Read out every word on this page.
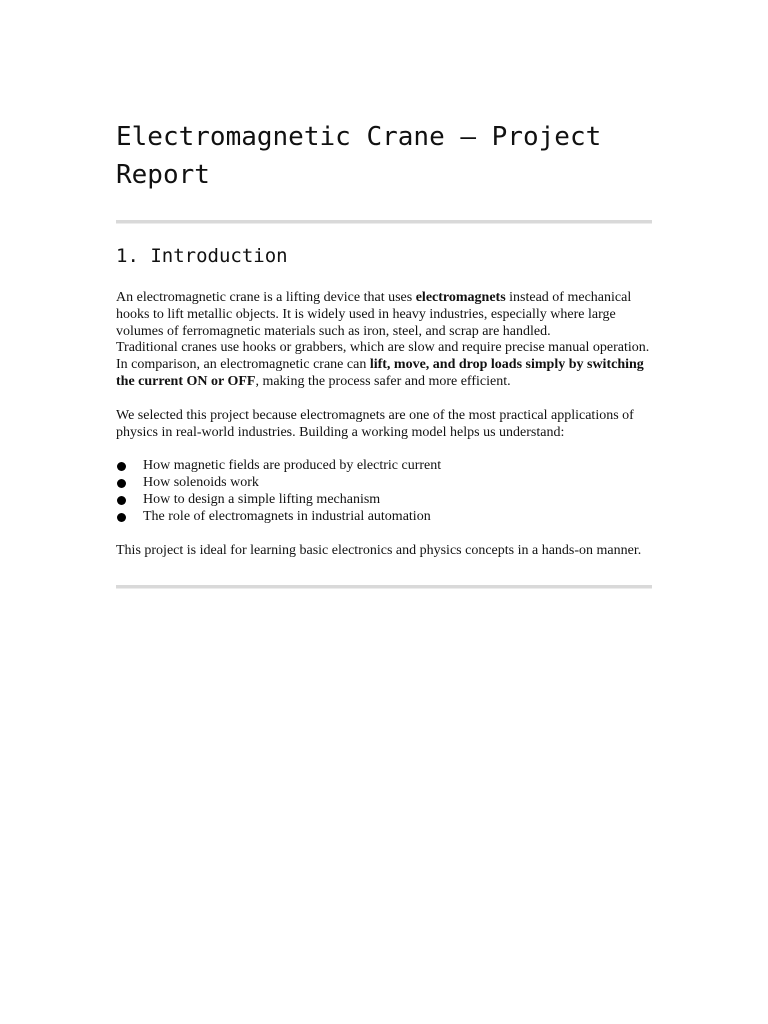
Electromagnetic Crane – Project Report
1. Introduction

An electromagnetic crane is a lifting device that uses electromagnets instead of mechanical hooks to lift metallic objects. It is widely used in heavy industries, especially where large volumes of ferromagnetic materials such as iron, steel, and scrap are handled.

Traditional cranes use hooks or grabbers, which are slow and require precise manual operation. In comparison, an electromagnetic crane can lift, move, and drop loads simply by switching the current ON or OFF, making the process safer and more efficient.

We selected this project because electromagnets are one of the most practical applications of physics in real-world industries. Building a working model helps us understand:

How magnetic fields are produced by electric current
How solenoids work
How to design a simple lifting mechanism
The role of electromagnets in industrial automation

This project is ideal for learning basic electronics and physics concepts in a hands-on manner.
